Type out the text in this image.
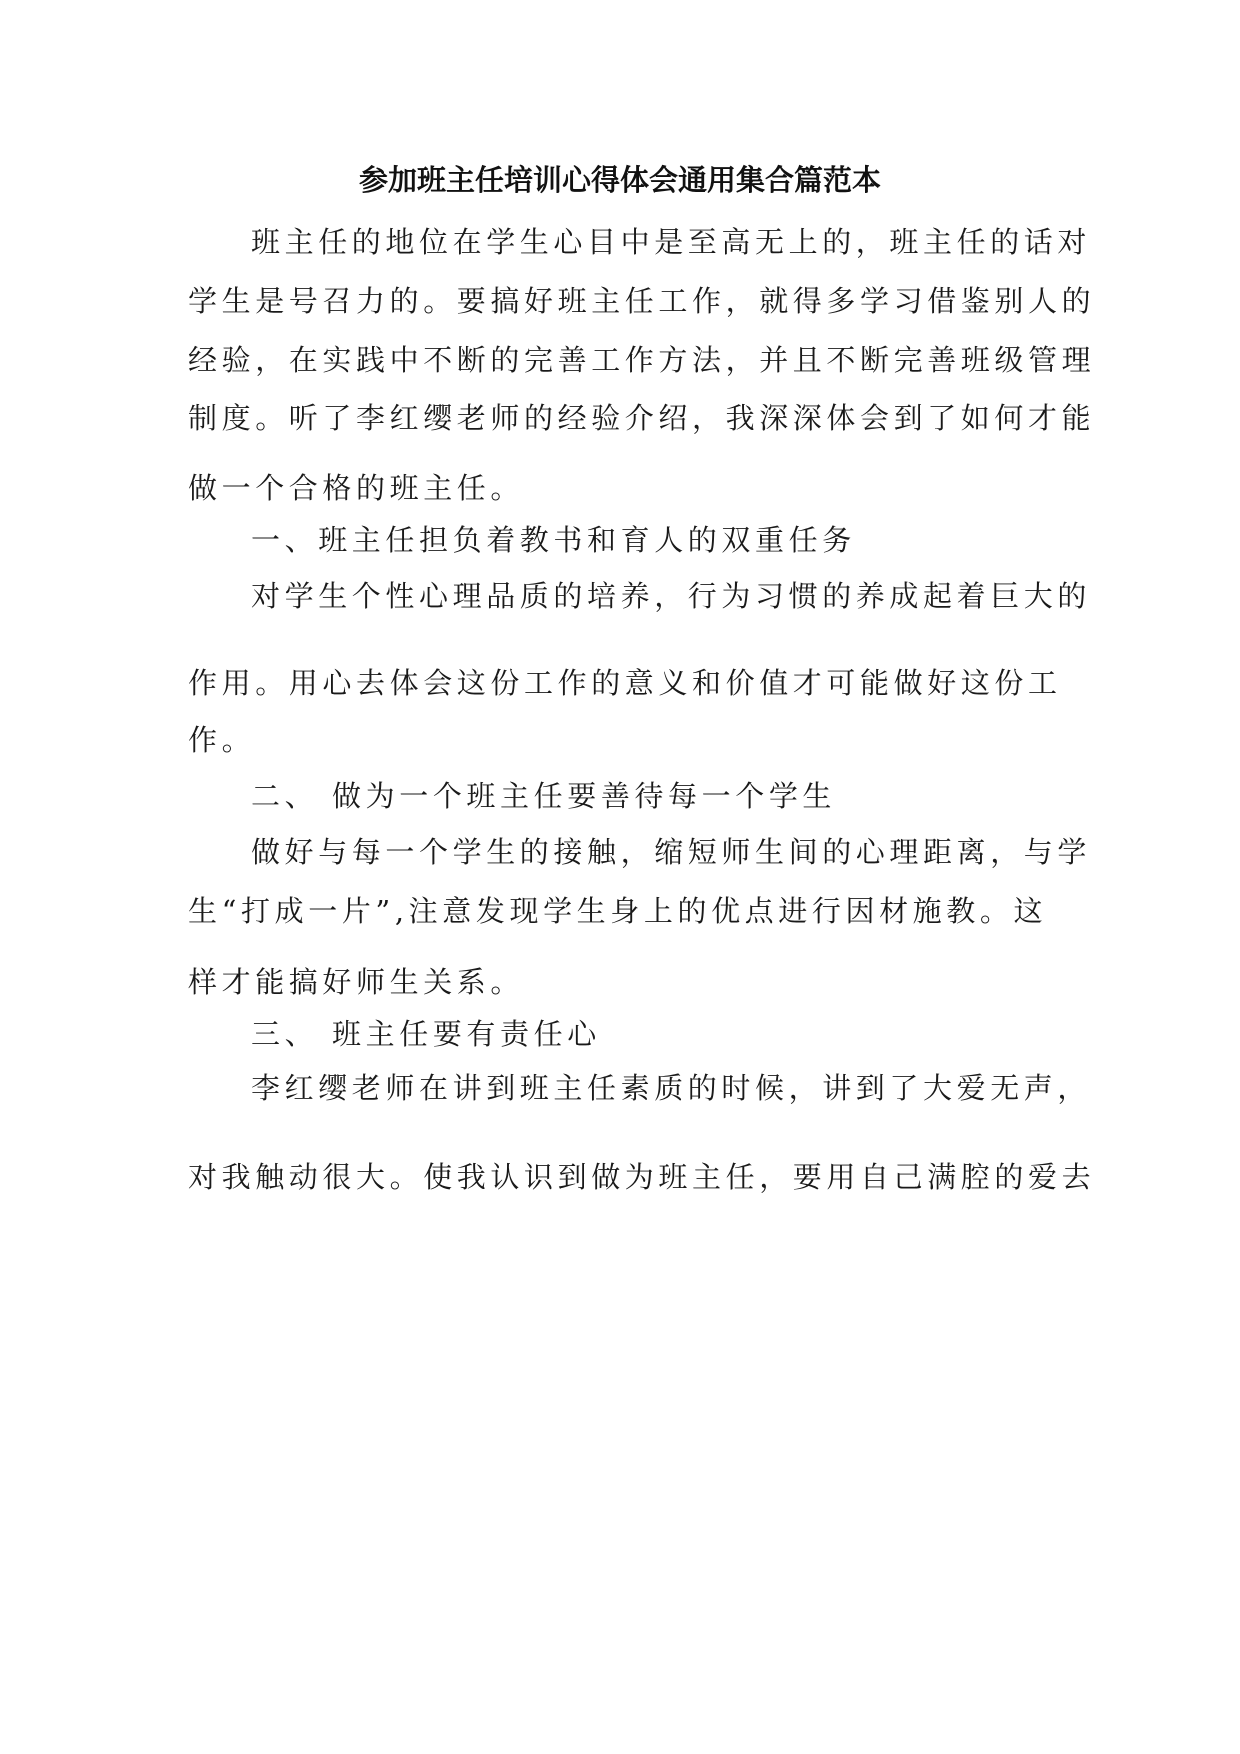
参加班主任培训心得体会通用集合篇范本
班主任的地位在学生心目中是至高无上的，班主任的话对
学生是号召力的。要搞好班主任工作，就得多学习借鉴别人的
经验，在实践中不断的完善工作方法，并且不断完善班级管理
制度。听了李红缨老师的经验介绍，我深深体会到了如何才能
做一个合格的班主任。
一、班主任担负着教书和育人的双重任务
对学生个性心理品质的培养，行为习惯的养成起着巨大的
作用。用心去体会这份工作的意义和价值才可能做好这份工
作。
二、 做为一个班主任要善待每一个学生
做好与每一个学生的接触，缩短师生间的心理距离，与学
生“打成一片”,注意发现学生身上的优点进行因材施教。这
样才能搞好师生关系。
三、 班主任要有责任心
李红缨老师在讲到班主任素质的时候，讲到了大爱无声，
对我触动很大。使我认识到做为班主任，要用自己满腔的爱去
